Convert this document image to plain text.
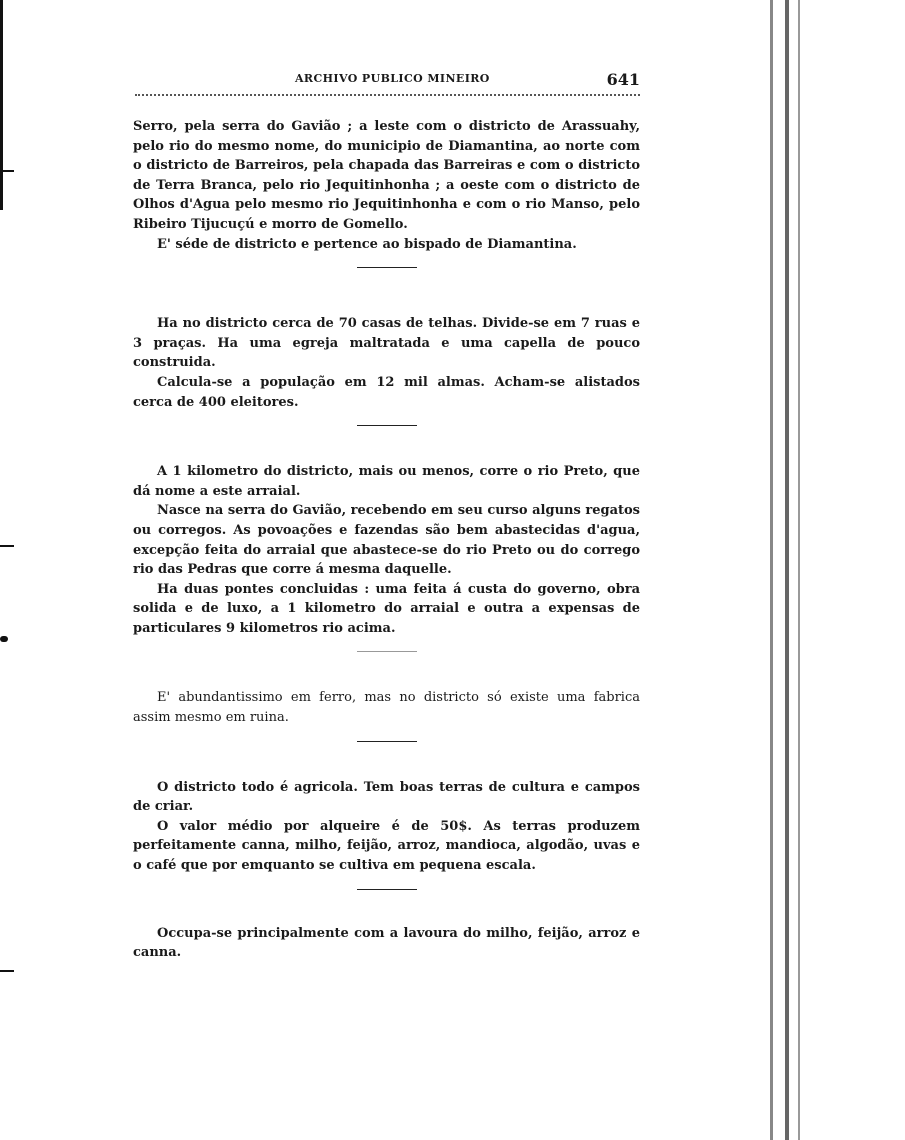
ARCHIVO PUBLICO MINEIRO	641

Serro, pela serra do Gavião ; a leste com o districto de Arassuahy, pelo rio do mesmo nome, do municipio de Diamantina, ao norte com o districto de Barreiros, pela chapada das Barreiras e com o districto de Terra Branca, pelo rio Jequitinhonha ; a oeste com o districto de Olhos d'Agua pelo mesmo rio Jequitinhonha e com o rio Manso, pelo Ribeiro Tijucuçú e morro de Gomello.

E' séde de districto e pertence ao bispado de Diamantina.

Ha no districto cerca de 70 casas de telhas. Divide-se em 7 ruas e 3 praças. Ha uma egreja maltratada e uma capella de pouco construida.

Calcula-se a população em 12 mil almas. Acham-se alistados cerca de 400 eleitores.

A 1 kilometro do districto, mais ou menos, corre o rio Preto, que dá nome a este arraial.

Nasce na serra do Gavião, recebendo em seu curso alguns regatos ou corregos. As povoações e fazendas são bem abastecidas d'agua, excepção feita do arraial que abastece-se do rio Preto ou do corrego rio das Pedras que corre á mesma daquelle.

Ha duas pontes concluidas : uma feita á custa do governo, obra solida e de luxo, a 1 kilometro do arraial e outra a expensas de particulares 9 kilometros rio acima.

E' abundantissimo em ferro, mas no districto só existe uma fabrica assim mesmo em ruina.

O districto todo é agricola. Tem boas terras de cultura e campos de criar.

O valor médio por alqueire é de 50$. As terras produzem perfeitamente canna, milho, feijão, arroz, mandioca, algodão, uvas e o café que por emquanto se cultiva em pequena escala.

Occupa-se principalmente com a lavoura do milho, feijão, arroz e canna.
